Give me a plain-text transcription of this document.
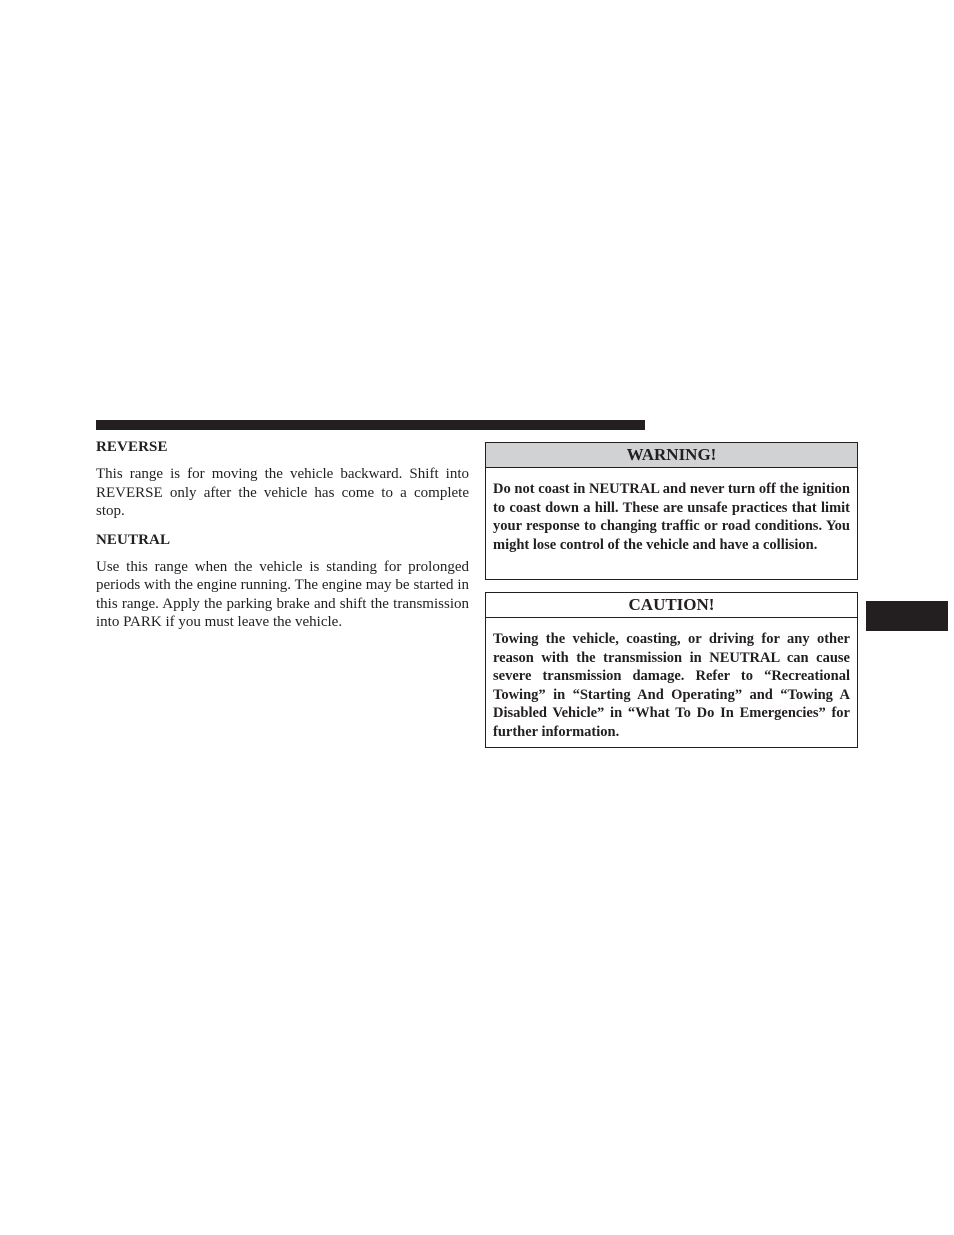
REVERSE

This range is for moving the vehicle backward. Shift into REVERSE only after the vehicle has come to a complete stop.

NEUTRAL

Use this range when the vehicle is standing for prolonged periods with the engine running. The engine may be started in this range. Apply the parking brake and shift the transmission into PARK if you must leave the vehicle.

WARNING!
Do not coast in NEUTRAL and never turn off the ignition to coast down a hill. These are unsafe practices that limit your response to changing traffic or road conditions. You might lose control of the vehicle and have a collision.
CAUTION!
Towing the vehicle, coasting, or driving for any other reason with the transmission in NEUTRAL can cause severe transmission damage. Refer to “Recreational Towing” in “Starting And Operating” and “Towing A Disabled Vehicle” in “What To Do In Emergencies” for further information.
